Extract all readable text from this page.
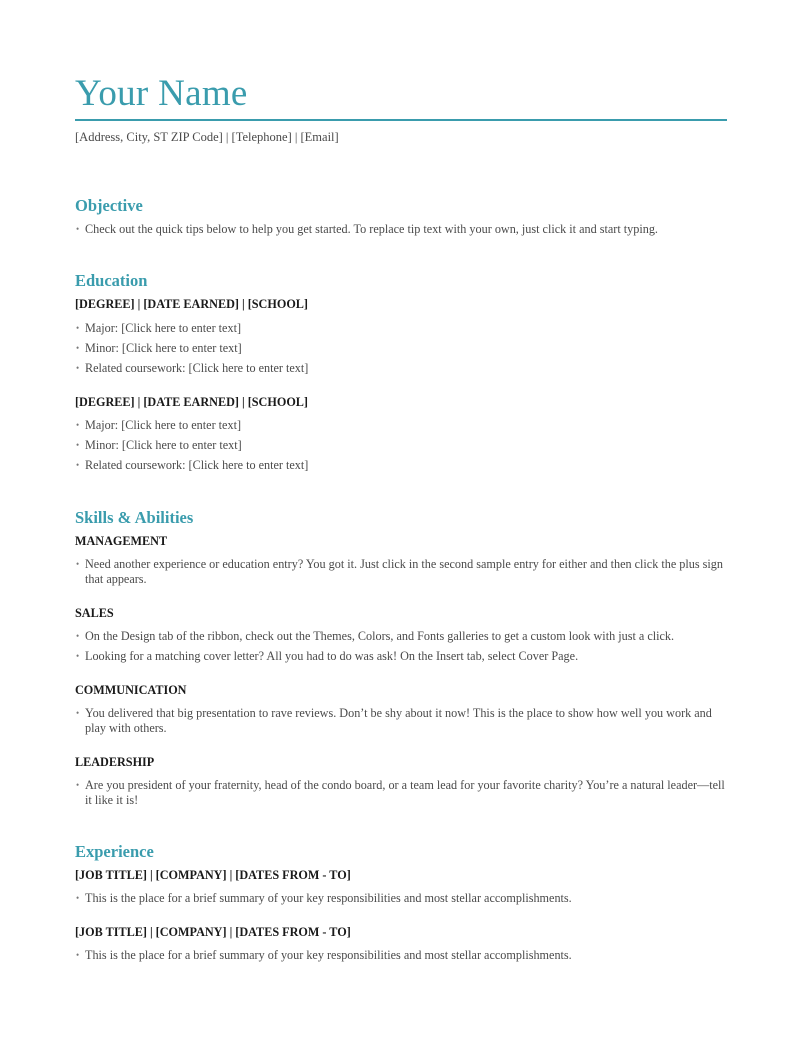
Your Name
[Address, City, ST ZIP Code] | [Telephone] | [Email]
Objective
• Check out the quick tips below to help you get started. To replace tip text with your own, just click it and start typing.
Education
[DEGREE] | [DATE EARNED] | [SCHOOL]
• Major: [Click here to enter text]
• Minor: [Click here to enter text]
• Related coursework: [Click here to enter text]
[DEGREE] | [DATE EARNED] | [SCHOOL]
• Major: [Click here to enter text]
• Minor: [Click here to enter text]
• Related coursework: [Click here to enter text]
Skills & Abilities
MANAGEMENT
• Need another experience or education entry? You got it. Just click in the second sample entry for either and then click the plus sign that appears.
SALES
• On the Design tab of the ribbon, check out the Themes, Colors, and Fonts galleries to get a custom look with just a click.
• Looking for a matching cover letter? All you had to do was ask! On the Insert tab, select Cover Page.
COMMUNICATION
• You delivered that big presentation to rave reviews. Don’t be shy about it now! This is the place to show how well you work and play with others.
LEADERSHIP
• Are you president of your fraternity, head of the condo board, or a team lead for your favorite charity? You’re a natural leader—tell it like it is!
Experience
[JOB TITLE] | [COMPANY] | [DATES FROM - TO]
• This is the place for a brief summary of your key responsibilities and most stellar accomplishments.
[JOB TITLE] | [COMPANY] | [DATES FROM - TO]
• This is the place for a brief summary of your key responsibilities and most stellar accomplishments.
